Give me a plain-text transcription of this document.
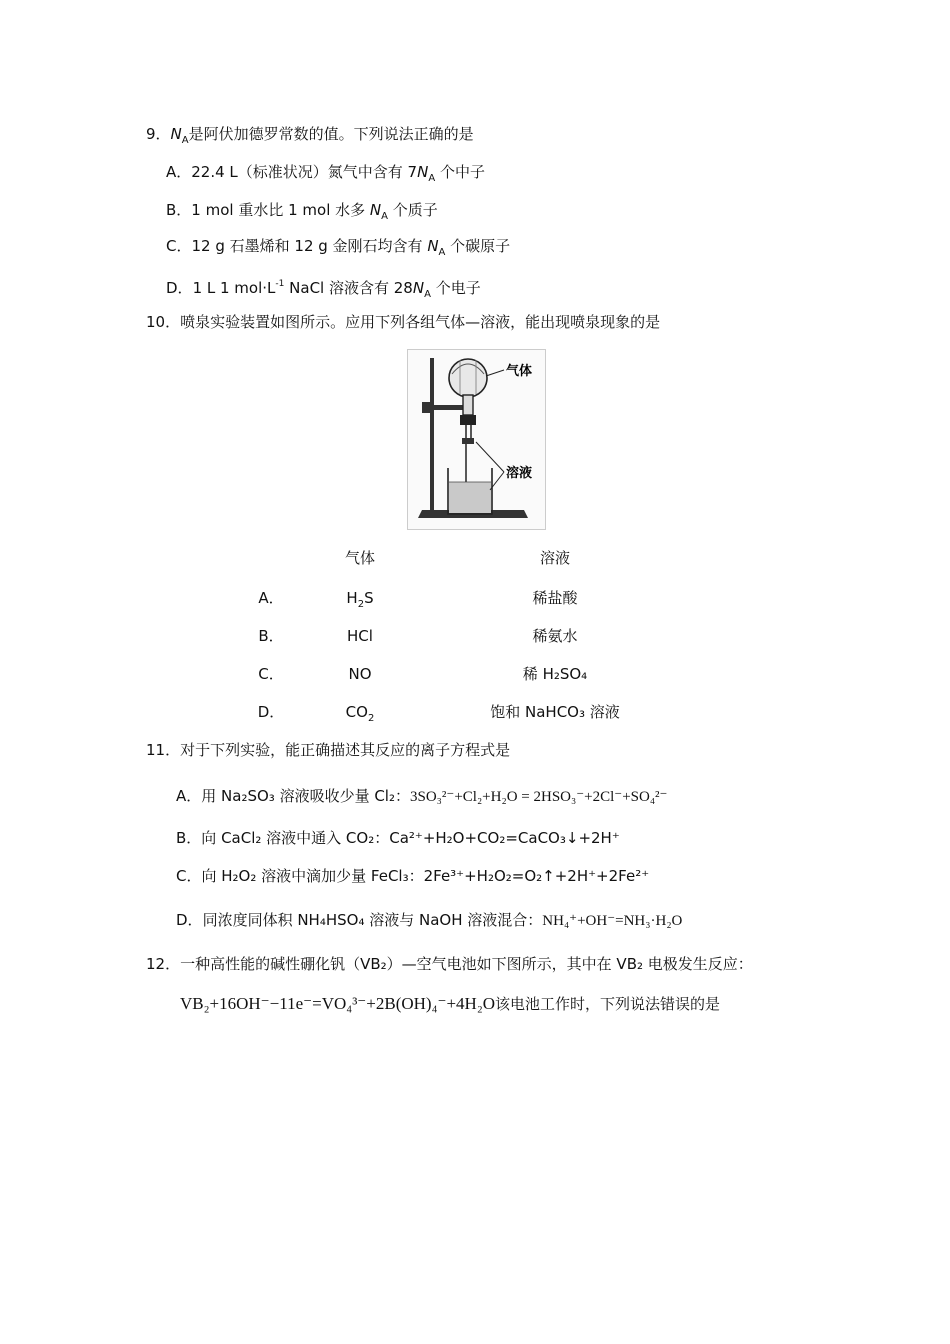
9．$N_A$是阿伏加德罗常数的值。下列说法正确的是
A．22.4 L（标准状况）氮气中含有 $7N_A$ 个中子
B．1 mol 重水比 1 mol 水多 $N_A$ 个质子
C．12 g 石墨烯和 12 g 金刚石均含有 $N_A$ 个碳原子
D．1 L 1 $mol\cdot L^{-1}$ NaCl 溶液含有 $28N_A$ 个电子
10．喷泉实验装置如图所示。应用下列各组气体—溶液，能出现喷泉现象的是
气体
溶液
气体	溶液
A．	$H_2S$	稀盐酸
B．	HCl	稀氨水
C．	NO	稀 H₂SO₄
D．	$CO_2$	饱和 NaHCO₃ 溶液
11．对于下列实验，能正确描述其反应的离子方程式是
A．用 Na₂SO₃ 溶液吸收少量 Cl₂：3SO₃²⁻+Cl₂+H₂O = 2HSO₃⁻+2Cl⁻+SO₄²⁻
B．向 CaCl₂ 溶液中通入 CO₂：Ca²⁺+H₂O+CO₂=CaCO₃↓+2H⁺
C．向 H₂O₂ 溶液中滴加少量 FeCl₃：2Fe³⁺+H₂O₂=O₂↑+2H⁺+2Fe²⁺
D．同浓度同体积 NH₄HSO₄ 溶液与 NaOH 溶液混合：NH₄⁺+OH⁻=NH₃·H₂O
12．一种高性能的碱性硼化钒（VB₂）—空气电池如下图所示，其中在 VB₂ 电极发生反应：
VB₂+16OH⁻−11e⁻=VO₄³⁻+2B(OH)₄⁻+4H₂O该电池工作时，下列说法错误的是
